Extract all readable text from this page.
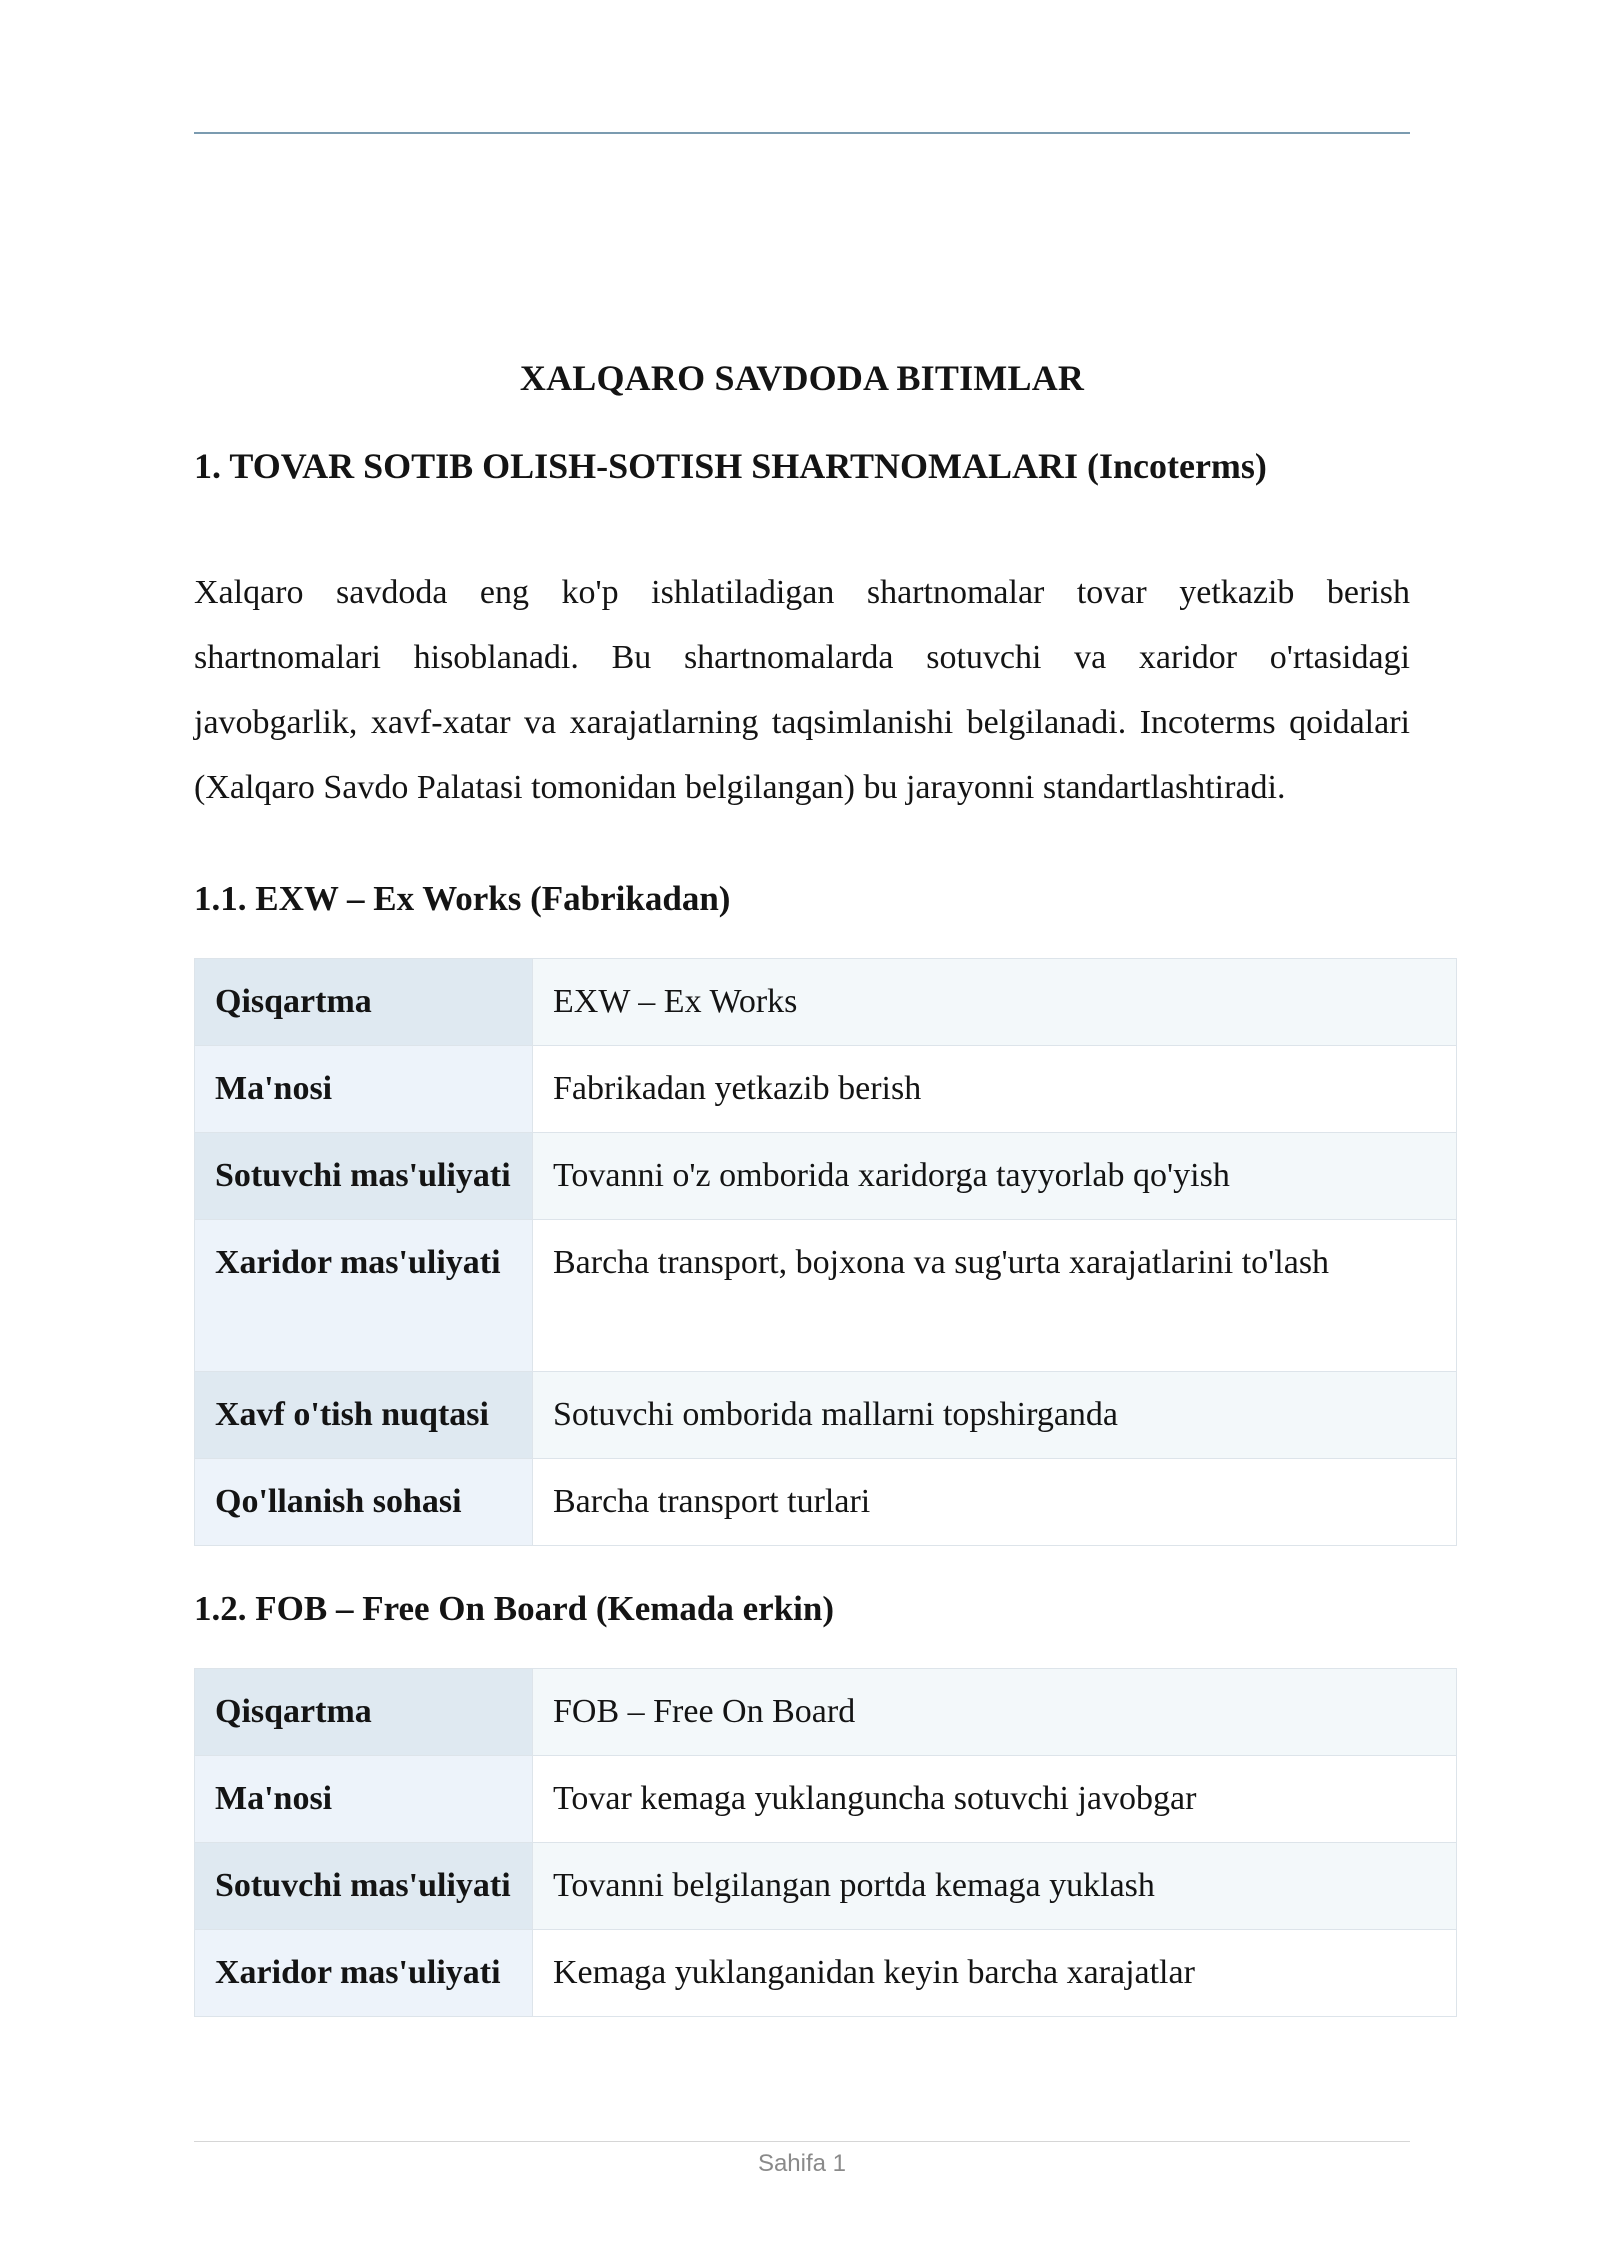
XALQARO SAVDODA BITIMLAR
1. TOVAR SOTIB OLISH-SOTISH SHARTNOMALARI (Incoterms)

Xalqaro savdoda eng ko'p ishlatiladigan shartnomalar tovar yetkazib berish shartnomalari hisoblanadi. Bu shartnomalarda sotuvchi va xaridor o'rtasidagi javobgarlik, xavf-xatar va xarajatlarning taqsimlanishi belgilanadi. Incoterms qoidalari (Xalqaro Savdo Palatasi tomonidan belgilangan) bu jarayonni standartlashtiradi.

1.1. EXW – Ex Works (Fabrikadan)
Qisqartma	EXW – Ex Works
Ma'nosi	Fabrikadan yetkazib berish
Sotuvchi mas'uliyati	Tovanni o'z omborida xaridorga tayyorlab qo'yish
Xaridor mas'uliyati	Barcha transport, bojxona va sug'urta xarajatlarini to'lash
Xavf o'tish nuqtasi	Sotuvchi omborida mallarni topshirganda
Qo'llanish sohasi	Barcha transport turlari
1.2. FOB – Free On Board (Kemada erkin)
Qisqartma	FOB – Free On Board
Ma'nosi	Tovar kemaga yuklanguncha sotuvchi javobgar
Sotuvchi mas'uliyati	Tovanni belgilangan portda kemaga yuklash
Xaridor mas'uliyati	Kemaga yuklanganidan keyin barcha xarajatlar
Sahifa 1
